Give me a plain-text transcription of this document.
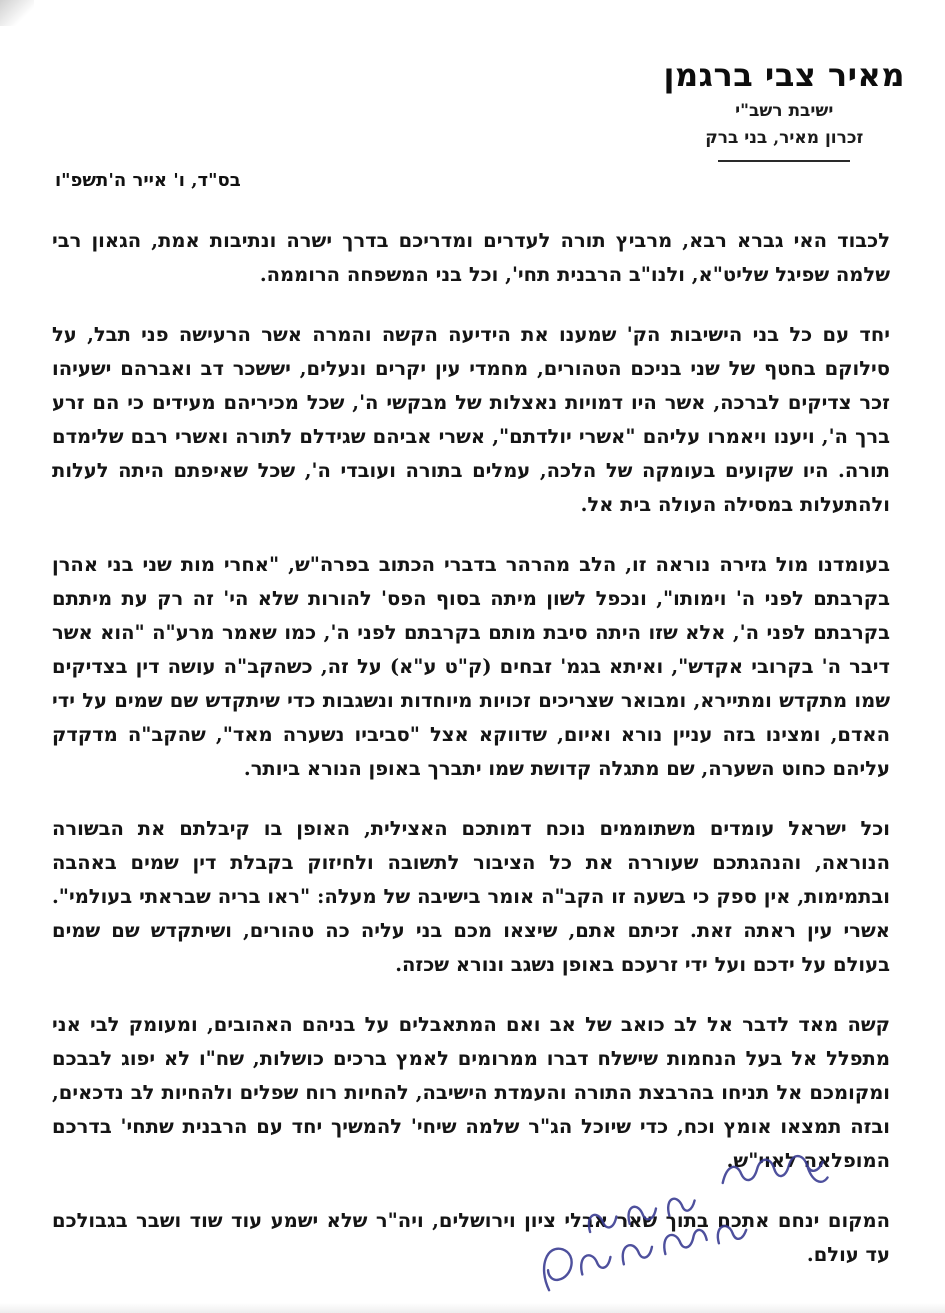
מאיר צבי ברגמן
ישיבת רשב"י
זכרון מאיר, בני ברק
בס"ד, ו' אייר ה'תשפ"ו

לכבוד האי גברא רבא, מרביץ תורה לעדרים ומדריכם בדרך ישרה ונתיבות אמת, הגאון רבי שלמה שפיגל שליט"א, ולנו"ב הרבנית תחי', וכל בני המשפחה הרוממה.

יחד עם כל בני הישיבות הק' שמענו את הידיעה הקשה והמרה אשר הרעישה פני תבל, על סילוקם בחטף של שני בניכם הטהורים, מחמדי עין יקרים ונעלים, יששכר דב ואברהם ישעיהו זכר צדיקים לברכה, אשר היו דמויות נאצלות של מבקשי ה', שכל מכיריהם מעידים כי הם זרע ברך ה', ויענו ויאמרו עליהם "אשרי יולדתם", אשרי אביהם שגידלם לתורה ואשרי רבם שלימדם תורה. היו שקועים בעומקה של הלכה, עמלים בתורה ועובדי ה', שכל שאיפתם היתה לעלות ולהתעלות במסילה העולה בית אל.

בעומדנו מול גזירה נוראה זו, הלב מהרהר בדברי הכתוב בפרה"ש, "אחרי מות שני בני אהרן בקרבתם לפני ה' וימותו", ונכפל לשון מיתה בסוף הפס' להורות שלא הי' זה רק עת מיתתם בקרבתם לפני ה', אלא שזו היתה סיבת מותם בקרבתם לפני ה', כמו שאמר מרע"ה "הוא אשר דיבר ה' בקרובי אקדש", ואיתא בגמ' זבחים (ק"ט ע"א) על זה, כשהקב"ה עושה דין בצדיקים שמו מתקדש ומתיירא, ומבואר שצריכים זכויות מיוחדות ונשגבות כדי שיתקדש שם שמים על ידי האדם, ומצינו בזה עניין נורא ואיום, שדווקא אצל "סביביו נשערה מאד", שהקב"ה מדקדק עליהם כחוט השערה, שם מתגלה קדושת שמו יתברך באופן הנורא ביותר.

וכל ישראל עומדים משתוממים נוכח דמותכם האצילית, האופן בו קיבלתם את הבשורה הנוראה, והנהגתכם שעוררה את כל הציבור לתשובה ולחיזוק בקבלת דין שמים באהבה ובתמימות, אין ספק כי בשעה זו הקב"ה אומר בישיבה של מעלה: "ראו בריה שבראתי בעולמי". אשרי עין ראתה זאת. זכיתם אתם, שיצאו מכם בני עליה כה טהורים, ושיתקדש שם שמים בעולם על ידכם ועל ידי זרעכם באופן נשגב ונורא שכזה.

קשה מאד לדבר אל לב כואב של אב ואם המתאבלים על בניהם האהובים, ומעומק לבי אני מתפלל אל בעל הנחמות שישלח דברו ממרומים לאמץ ברכים כושלות, שח"ו לא יפוג לבבכם ומקומכם אל תניחו בהרבצת התורה והעמדת הישיבה, להחיות רוח שפלים ולהחיות לב נדכאים, ובזה תמצאו אומץ וכח, כדי שיוכל הג"ר שלמה שיחי' להמשיך יחד עם הרבנית שתחי' בדרכם המופלאה לאוי"ש.

המקום ינחם אתכם בתוך שאר אבלי ציון וירושלים, ויה"ר שלא ישמע עוד שוד ושבר בגבולכם עד עולם.
